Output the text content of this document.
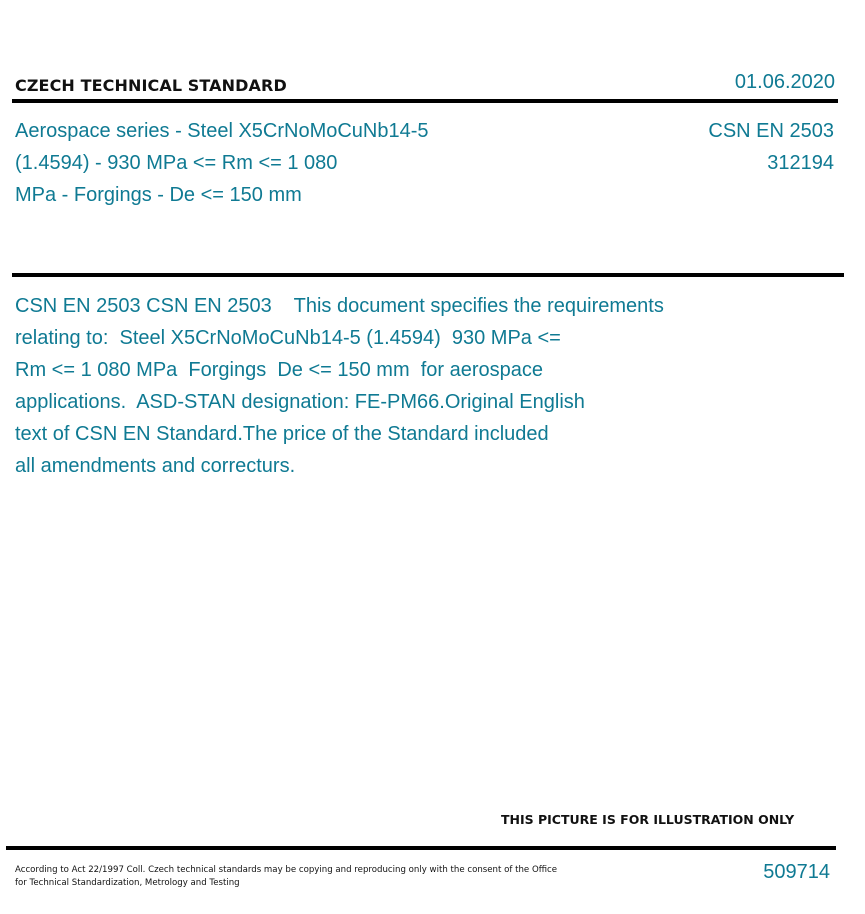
CZECH TECHNICAL STANDARD	01.06.2020
Aerospace series - Steel X5CrNoMoCuNb14-5
(1.4594) - 930 MPa <= Rm <= 1 080
MPa - Forgings - De <= 150 mm
CSN EN 2503
312194
CSN EN 2503 CSN EN 2503    This document specifies the requirements
relating to:  Steel X5CrNoMoCuNb14-5 (1.4594)  930 MPa <=
Rm <= 1 080 MPa  Forgings  De <= 150 mm  for aerospace
applications.  ASD-STAN designation: FE-PM66.Original English
text of CSN EN Standard.The price of the Standard included
all amendments and correcturs.
THIS PICTURE IS FOR ILLUSTRATION ONLY
According to Act 22/1997 Coll. Czech technical standards may be copying and reproducing only with the consent of the Office
for Technical Standardization, Metrology and Testing	509714
